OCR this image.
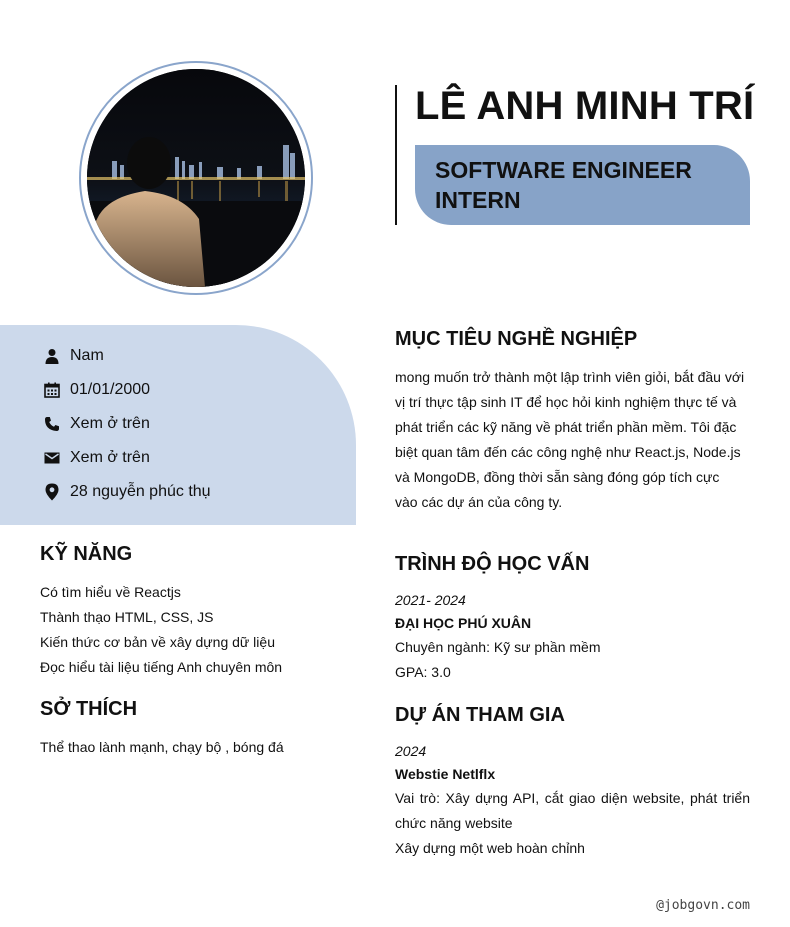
LÊ ANH MINH TRÍ
SOFTWARE ENGINEER INTERN
Nam
01/01/2000
Xem ở trên
Xem ở trên
28 nguyễn phúc thụ
KỸ NĂNG
Có tìm hiểu về Reactjs
Thành thạo HTML, CSS, JS
Kiến thức cơ bản về xây dựng dữ liệu
Đọc hiểu tài liệu tiếng Anh chuyên môn
SỞ THÍCH
Thể thao lành mạnh, chạy bộ , bóng đá
MỤC TIÊU NGHỀ NGHIỆP
mong muốn trở thành một lập trình viên giỏi, bắt đầu với vị trí thực tập sinh IT để học hỏi kinh nghiệm thực tế và phát triển các kỹ năng về phát triển phần mềm. Tôi đặc biệt quan tâm đến các công nghệ như React.js, Node.js và MongoDB, đồng thời sẵn sàng đóng góp tích cực vào các dự án của công ty.
TRÌNH ĐỘ HỌC VẤN
2021- 2024
ĐẠI HỌC PHÚ XUÂN
Chuyên ngành: Kỹ sư phần mềm
GPA: 3.0
DỰ ÁN THAM GIA
2024
Webstie Netlflx
Vai trò: Xây dựng API, cắt giao diện website, phát triển chức năng website
Xây dựng một web hoàn chỉnh
@jobgovn.com
